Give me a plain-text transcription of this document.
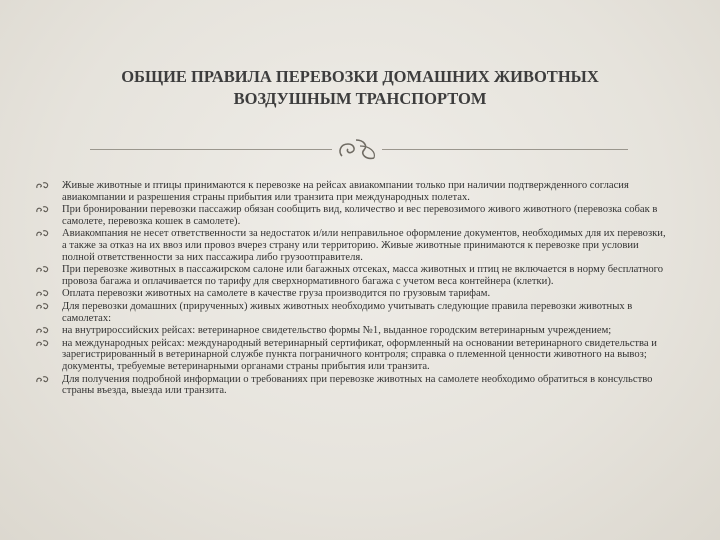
ОБЩИЕ ПРАВИЛА ПЕРЕВОЗКИ ДОМАШНИХ ЖИВОТНЫХ
ВОЗДУШНЫМ ТРАНСПОРТОМ
Живые животные и птицы принимаются к перевозке на рейсах авиакомпании только при наличии подтвержденного согласия авиакомпании и разрешения страны прибытия или транзита при международных полетах.
При бронировании перевозки пассажир обязан сообщить вид, количество и вес перевозимого живого животного (перевозка собак в самолете, перевозка кошек в самолете).
Авиакомпания не несет ответственности за недостаток и/или неправильное оформление документов, необходимых для их перевозки, а также за отказ на их ввоз или провоз вчерез страну или территорию. Живые животные принимаются к перевозке при условии полной ответственности за них пассажира либо грузоотправителя.
При перевозке животных в пассажирском салоне или багажных отсеках, масса животных и птиц не включается в норму бесплатного провоза багажа и оплачивается по тарифу для сверхнормативного багажа с учетом веса контейнера (клетки).
Оплата перевозки животных на самолете в качестве груза производится по грузовым тарифам.
Для перевозки домашних (прирученных) живых животных необходимо учитывать следующие правила перевозки животных в самолетах:
на внутрироссийских рейсах: ветеринарное свидетельство формы №1, выданное городским ветеринарным учреждением;
на международных рейсах: международный ветеринарный сертификат, оформленный на основании ветеринарного свидетельства и зарегистрированный в ветеринарной службе пункта пограничного контроля; справка о племенной ценности животного на вывоз; документы, требуемые ветеринарными органами страны прибытия или транзита.
Для получения подробной информации о требованиях при перевозке животных на самолете необходимо обратиться в консульство страны въезда, выезда или транзита.
